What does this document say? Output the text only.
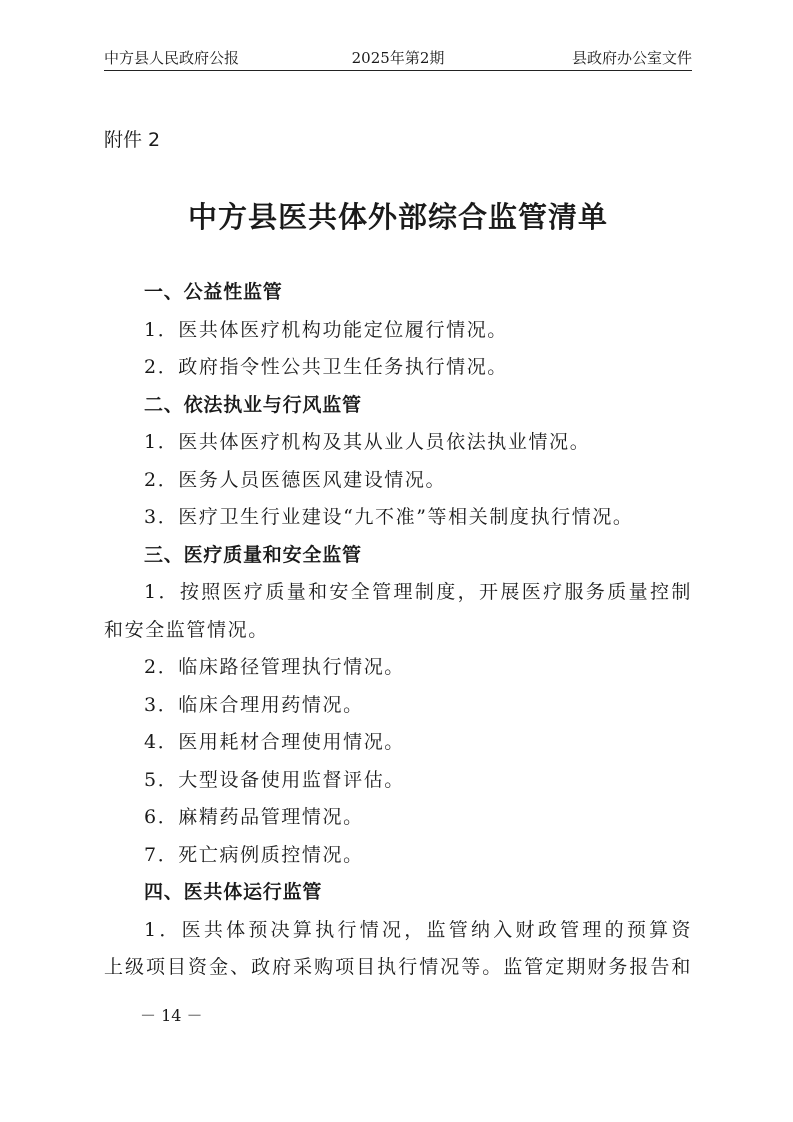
中方县人民政府公报	2025年第2期	县政府办公室文件
附件 2
中方县医共体外部综合监管清单
一、公益性监管
1．医共体医疗机构功能定位履行情况。
2．政府指令性公共卫生任务执行情况。
二、依法执业与行风监管
1．医共体医疗机构及其从业人员依法执业情况。
2．医务人员医德医风建设情况。
3．医疗卫生行业建设“九不准”等相关制度执行情况。
三、医疗质量和安全监管
1．按照医疗质量和安全管理制度，开展医疗服务质量控制
和安全监管情况。
2．临床路径管理执行情况。
3．临床合理用药情况。
4．医用耗材合理使用情况。
5．大型设备使用监督评估。
6．麻精药品管理情况。
7．死亡病例质控情况。
四、医共体运行监管
1．医共体预决算执行情况，监管纳入财政管理的预算资
上级项目资金、政府采购项目执行情况等。监管定期财务报告和
－ 14 －
